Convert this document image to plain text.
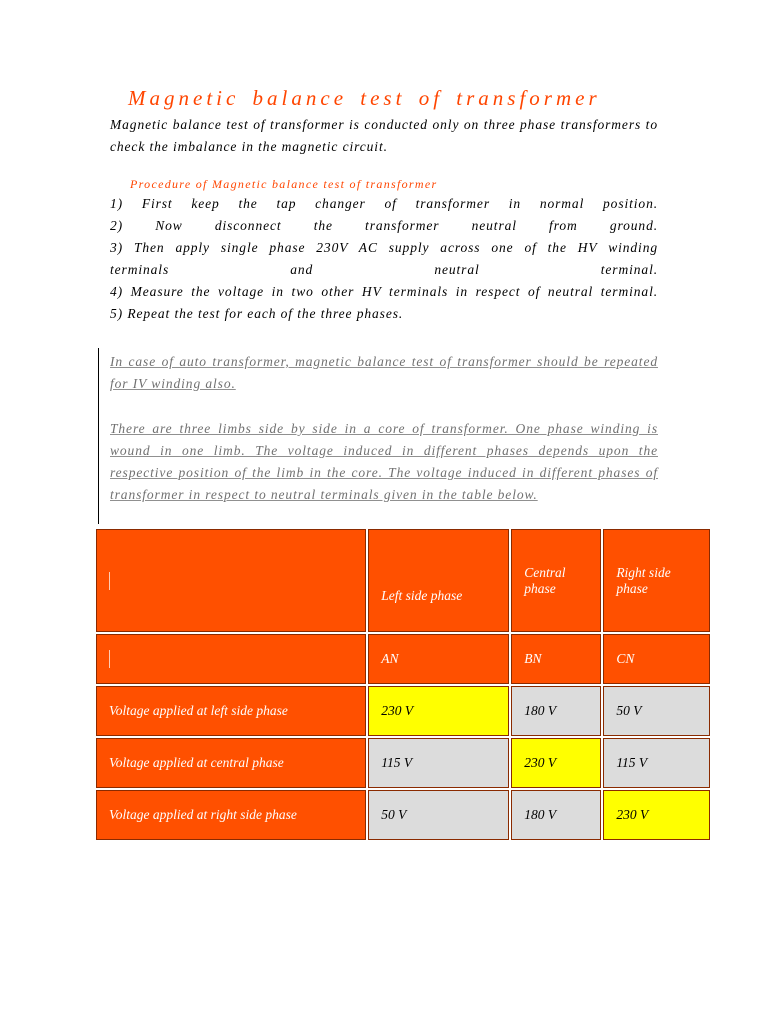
Magnetic balance test of transformer
Magnetic balance test of transformer is conducted only on three phase transformers to check the imbalance in the magnetic circuit.
Procedure of Magnetic balance test of transformer
1) First keep the tap changer of transformer in normal position.
2) Now disconnect the transformer neutral from ground.
3) Then apply single phase 230V AC supply across one of the HV winding
terminals and neutral terminal.
4) Measure the voltage in two other HV terminals in respect of neutral terminal.
5) Repeat the test for each of the three phases.
In case of auto transformer, magnetic balance test of transformer should be repeated for IV winding also.
There are three limbs side by side in a core of transformer. One phase winding is wound in one limb. The voltage induced in different phases depends upon the respective position of the limb in the core. The voltage induced in different phases of transformer in respect to neutral terminals given in the table below.
	Left side phase	Central phase	Right side phase
	AN	BN	CN
Voltage applied at left side phase	230 V	180 V	50 V
Voltage applied at central phase	115 V	230 V	115 V
Voltage applied at right side phase	50 V	180 V	230 V
